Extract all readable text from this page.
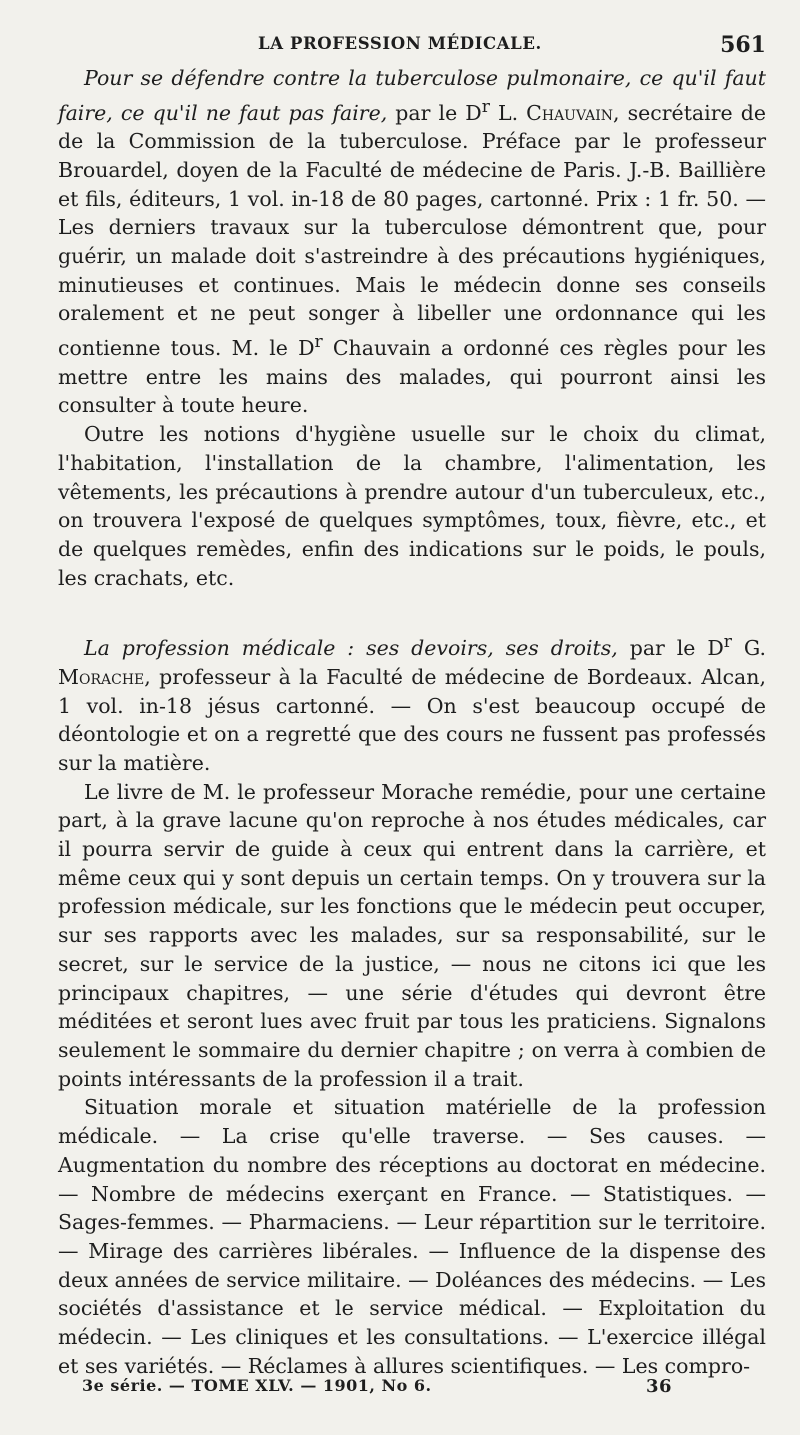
LA PROFESSION MÉDICALE.	561

Pour se défendre contre la tuberculose pulmonaire, ce qu'il faut faire, ce qu'il ne faut pas faire, par le $D^r$ L. Chauvain, secrétaire de de la Commission de la tuberculose. Préface par le professeur Brouardel, doyen de la Faculté de médecine de Paris. J.-B. Baillière et fils, éditeurs, 1 vol. in-18 de 80 pages, cartonné. Prix : 1 fr. 50. — Les derniers travaux sur la tuberculose démontrent que, pour guérir, un malade doit s'astreindre à des précautions hygiéniques, minutieuses et continues. Mais le médecin donne ses conseils oralement et ne peut songer à libeller une ordonnance qui les contienne tous. M. le $D^r$ Chauvain a ordonné ces règles pour les mettre entre les mains des malades, qui pourront ainsi les consulter à toute heure.

Outre les notions d'hygiène usuelle sur le choix du climat, l'habitation, l'installation de la chambre, l'alimentation, les vêtements, les précautions à prendre autour d'un tuberculeux, etc., on trouvera l'exposé de quelques symptômes, toux, fièvre, etc., et de quelques remèdes, enfin des indications sur le poids, le pouls, les crachats, etc.

La profession médicale : ses devoirs, ses droits, par le $D^r$ G. Morache, professeur à la Faculté de médecine de Bordeaux. Alcan, 1 vol. in-18 jésus cartonné. — On s'est beaucoup occupé de déontologie et on a regretté que des cours ne fussent pas professés sur la matière.

Le livre de M. le professeur Morache remédie, pour une certaine part, à la grave lacune qu'on reproche à nos études médicales, car il pourra servir de guide à ceux qui entrent dans la carrière, et même ceux qui y sont depuis un certain temps. On y trouvera sur la profession médicale, sur les fonctions que le médecin peut occuper, sur ses rapports avec les malades, sur sa responsabilité, sur le secret, sur le service de la justice, — nous ne citons ici que les principaux chapitres, — une série d'études qui devront être méditées et seront lues avec fruit par tous les praticiens. Signalons seulement le sommaire du dernier chapitre ; on verra à combien de points intéressants de la profession il a trait.

Situation morale et situation matérielle de la profession médicale. — La crise qu'elle traverse. — Ses causes. — Augmentation du nombre des réceptions au doctorat en médecine. — Nombre de médecins exerçant en France. — Statistiques. — Sages-femmes. — Pharmaciens. — Leur répartition sur le territoire. — Mirage des carrières libérales. — Influence de la dispense des deux années de service militaire. — Doléances des médecins. — Les sociétés d'assistance et le service médical. — Exploitation du médecin. — Les cliniques et les consultations. — L'exercice illégal et ses variétés. — Réclames à allures scientifiques. — Les compro-

3e série. — TOME XLV. — 1901, No 6.	36
